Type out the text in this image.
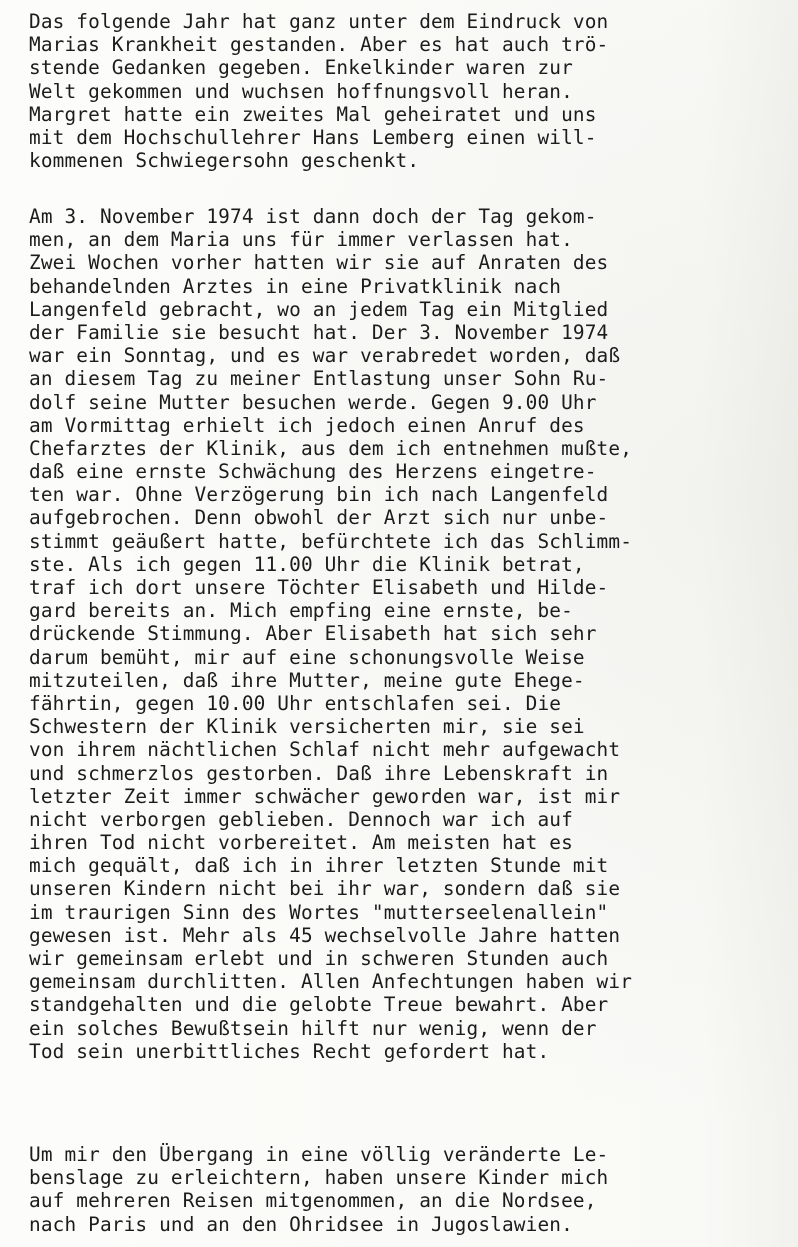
Das folgende Jahr hat ganz unter dem Eindruck von
Marias Krankheit gestanden. Aber es hat auch trö-
stende Gedanken gegeben. Enkelkinder waren zur
Welt gekommen und wuchsen hoffnungsvoll heran.
Margret hatte ein zweites Mal geheiratet und uns
mit dem Hochschullehrer Hans Lemberg einen will-
kommenen Schwiegersohn geschenkt.
Am 3. November 1974 ist dann doch der Tag gekom-
men, an dem Maria uns für immer verlassen hat.
Zwei Wochen vorher hatten wir sie auf Anraten des
behandelnden Arztes in eine Privatklinik nach
Langenfeld gebracht, wo an jedem Tag ein Mitglied
der Familie sie besucht hat. Der 3. November 1974
war ein Sonntag, und es war verabredet worden, daß
an diesem Tag zu meiner Entlastung unser Sohn Ru-
dolf seine Mutter besuchen werde. Gegen 9.00 Uhr
am Vormittag erhielt ich jedoch einen Anruf des
Chefarztes der Klinik, aus dem ich entnehmen mußte,
daß eine ernste Schwächung des Herzens eingetre-
ten war. Ohne Verzögerung bin ich nach Langenfeld
aufgebrochen. Denn obwohl der Arzt sich nur unbe-
stimmt geäußert hatte, befürchtete ich das Schlimm-
ste. Als ich gegen 11.00 Uhr die Klinik betrat,
traf ich dort unsere Töchter Elisabeth und Hilde-
gard bereits an. Mich empfing eine ernste, be-
drückende Stimmung. Aber Elisabeth hat sich sehr
darum bemüht, mir auf eine schonungsvolle Weise
mitzuteilen, daß ihre Mutter, meine gute Ehege-
fährtin, gegen 10.00 Uhr entschlafen sei. Die
Schwestern der Klinik versicherten mir, sie sei
von ihrem nächtlichen Schlaf nicht mehr aufgewacht
und schmerzlos gestorben. Daß ihre Lebenskraft in
letzter Zeit immer schwächer geworden war, ist mir
nicht verborgen geblieben. Dennoch war ich auf
ihren Tod nicht vorbereitet. Am meisten hat es
mich gequält, daß ich in ihrer letzten Stunde mit
unseren Kindern nicht bei ihr war, sondern daß sie
im traurigen Sinn des Wortes "mutterseelenallein"
gewesen ist. Mehr als 45 wechselvolle Jahre hatten
wir gemeinsam erlebt und in schweren Stunden auch
gemeinsam durchlitten. Allen Anfechtungen haben wir
standgehalten und die gelobte Treue bewahrt. Aber
ein solches Bewußtsein hilft nur wenig, wenn der
Tod sein unerbittliches Recht gefordert hat.
Um mir den Übergang in eine völlig veränderte Le-
benslage zu erleichtern, haben unsere Kinder mich
auf mehreren Reisen mitgenommen, an die Nordsee,
nach Paris und an den Ohridsee in Jugoslawien.
